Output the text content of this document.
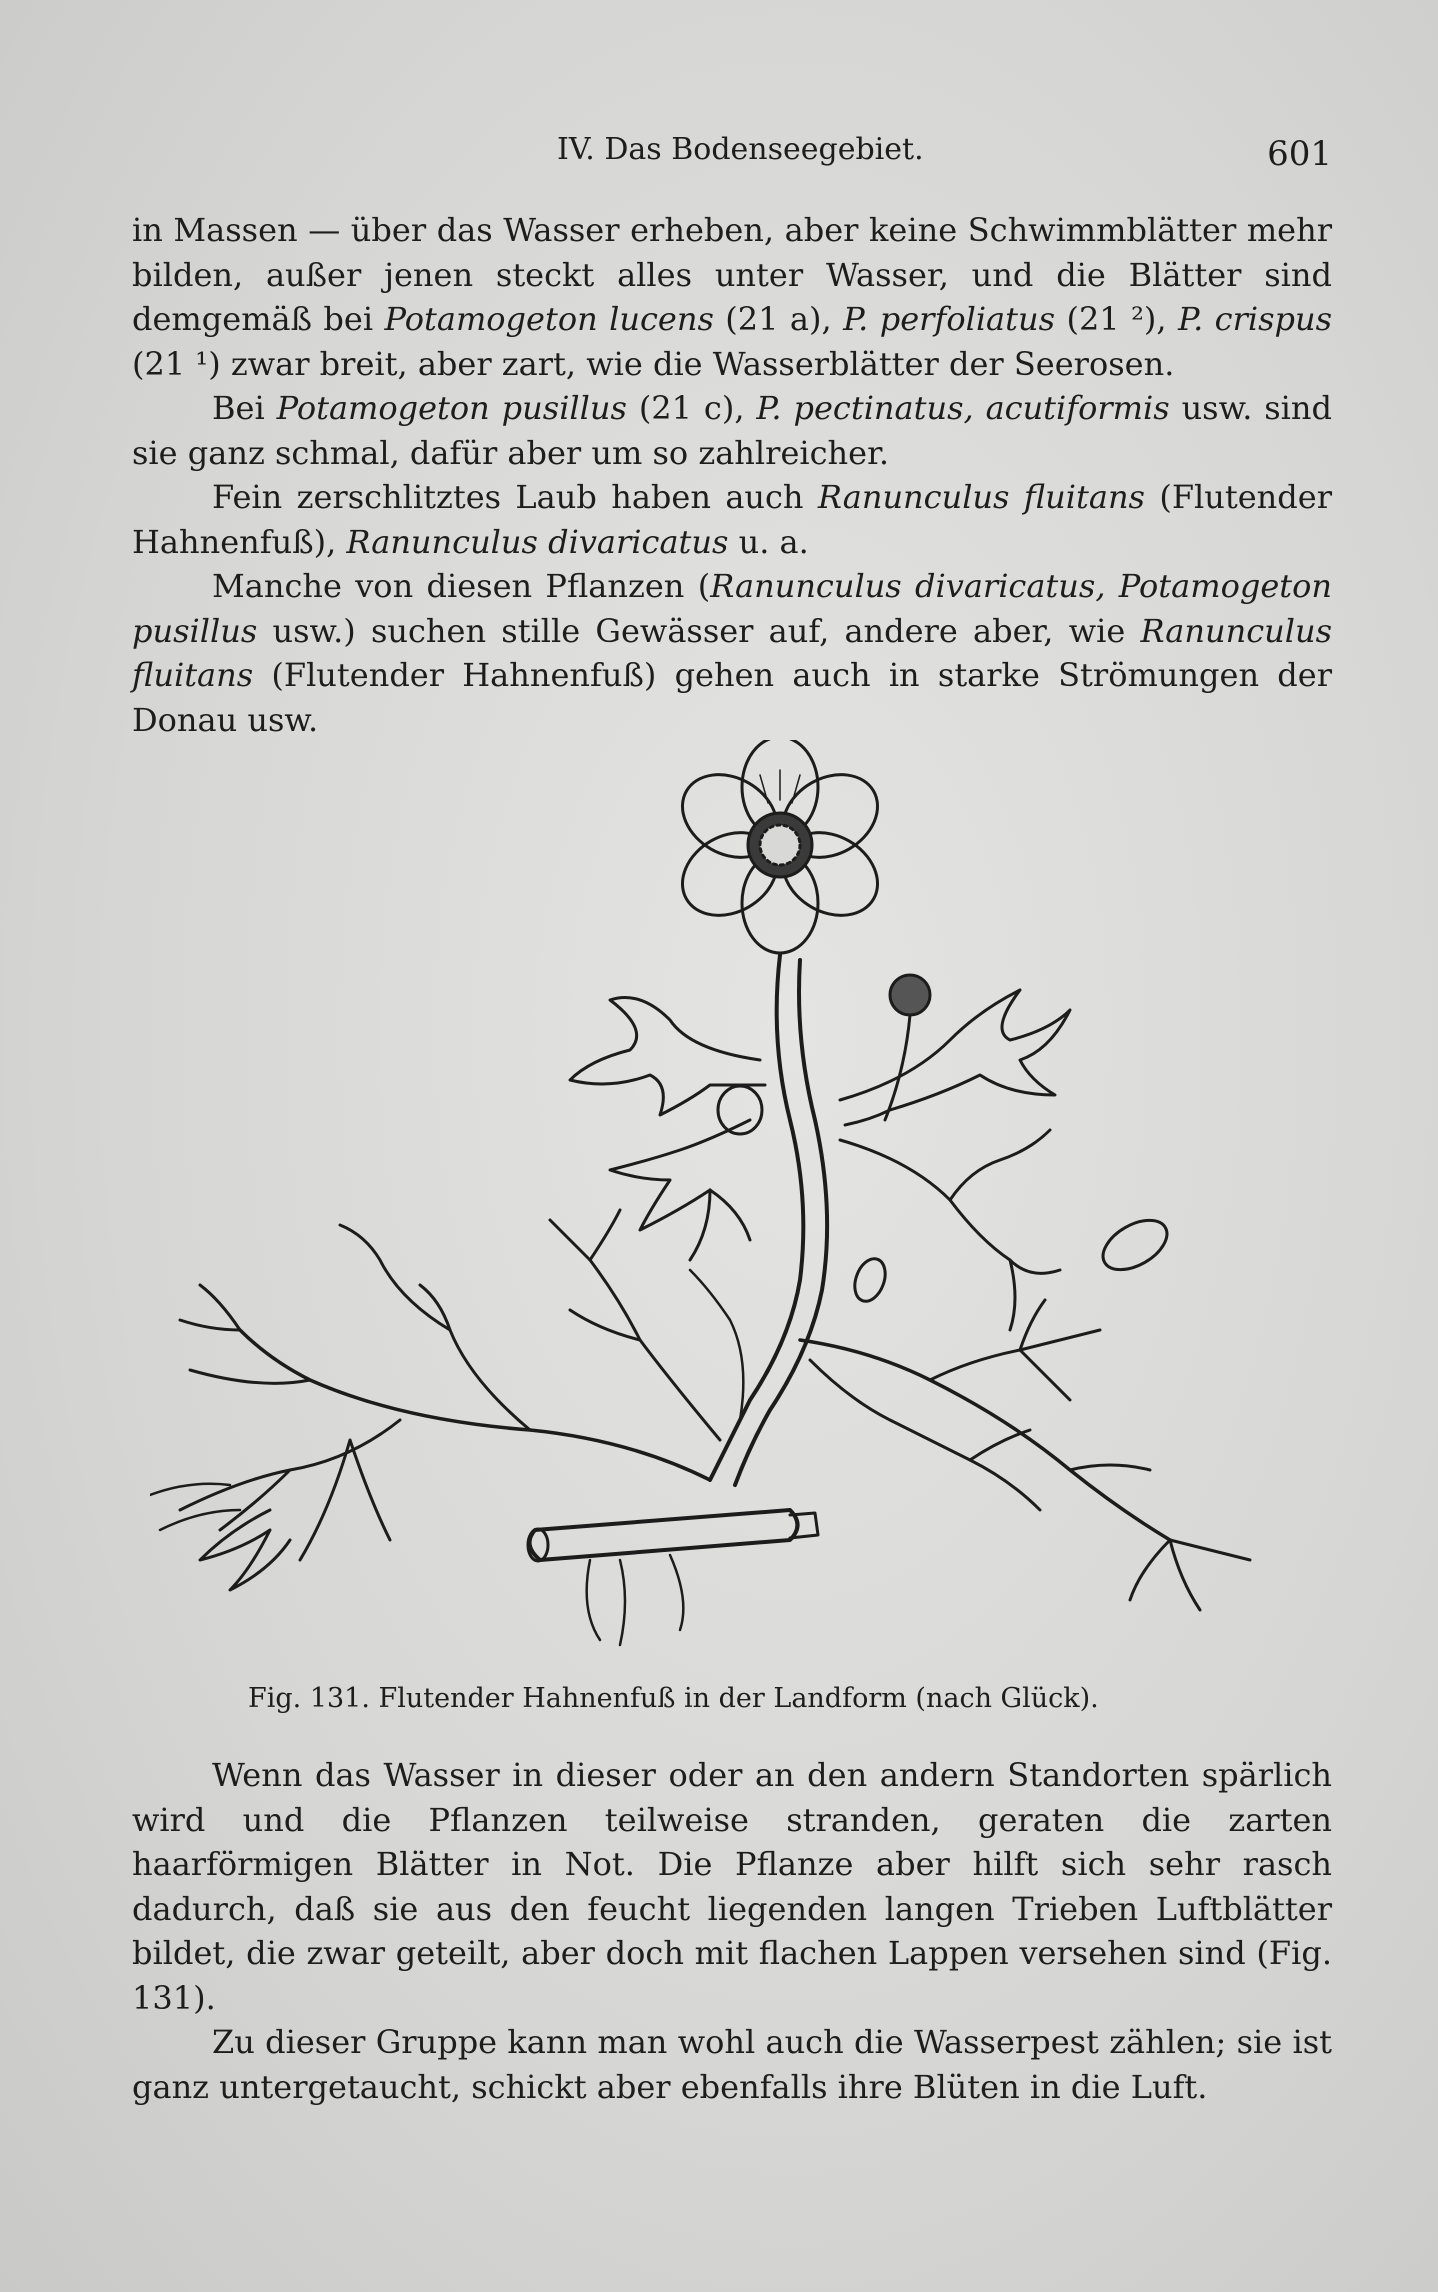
IV. Das Bodenseegebiet.	601

in Massen — über das Wasser erheben, aber keine Schwimmblätter mehr bilden, außer jenen steckt alles unter Wasser, und die Blätter sind demgemäß bei Potamogeton lucens (21 a), P. perfoliatus (21 ²), P. crispus (21 ¹) zwar breit, aber zart, wie die Wasserblätter der Seerosen.

Bei Potamogeton pusillus (21 c), P. pectinatus, acutiformis usw. sind sie ganz schmal, dafür aber um so zahlreicher.

Fein zerschlitztes Laub haben auch Ranunculus fluitans (Flutender Hahnenfuß), Ranunculus divaricatus u. a.

Manche von diesen Pflanzen (Ranunculus divaricatus, Potamogeton pusillus usw.) suchen stille Gewässer auf, andere aber, wie Ranunculus fluitans (Flutender Hahnenfuß) gehen auch in starke Strömungen der Donau usw.

Fig. 131. Flutender Hahnenfuß in der Landform (nach Glück).

Wenn das Wasser in dieser oder an den andern Standorten spärlich wird und die Pflanzen teilweise stranden, geraten die zarten haarförmigen Blätter in Not. Die Pflanze aber hilft sich sehr rasch dadurch, daß sie aus den feucht liegenden langen Trieben Luftblätter bildet, die zwar geteilt, aber doch mit flachen Lappen versehen sind (Fig. 131).

Zu dieser Gruppe kann man wohl auch die Wasserpest zählen; sie ist ganz untergetaucht, schickt aber ebenfalls ihre Blüten in die Luft.
